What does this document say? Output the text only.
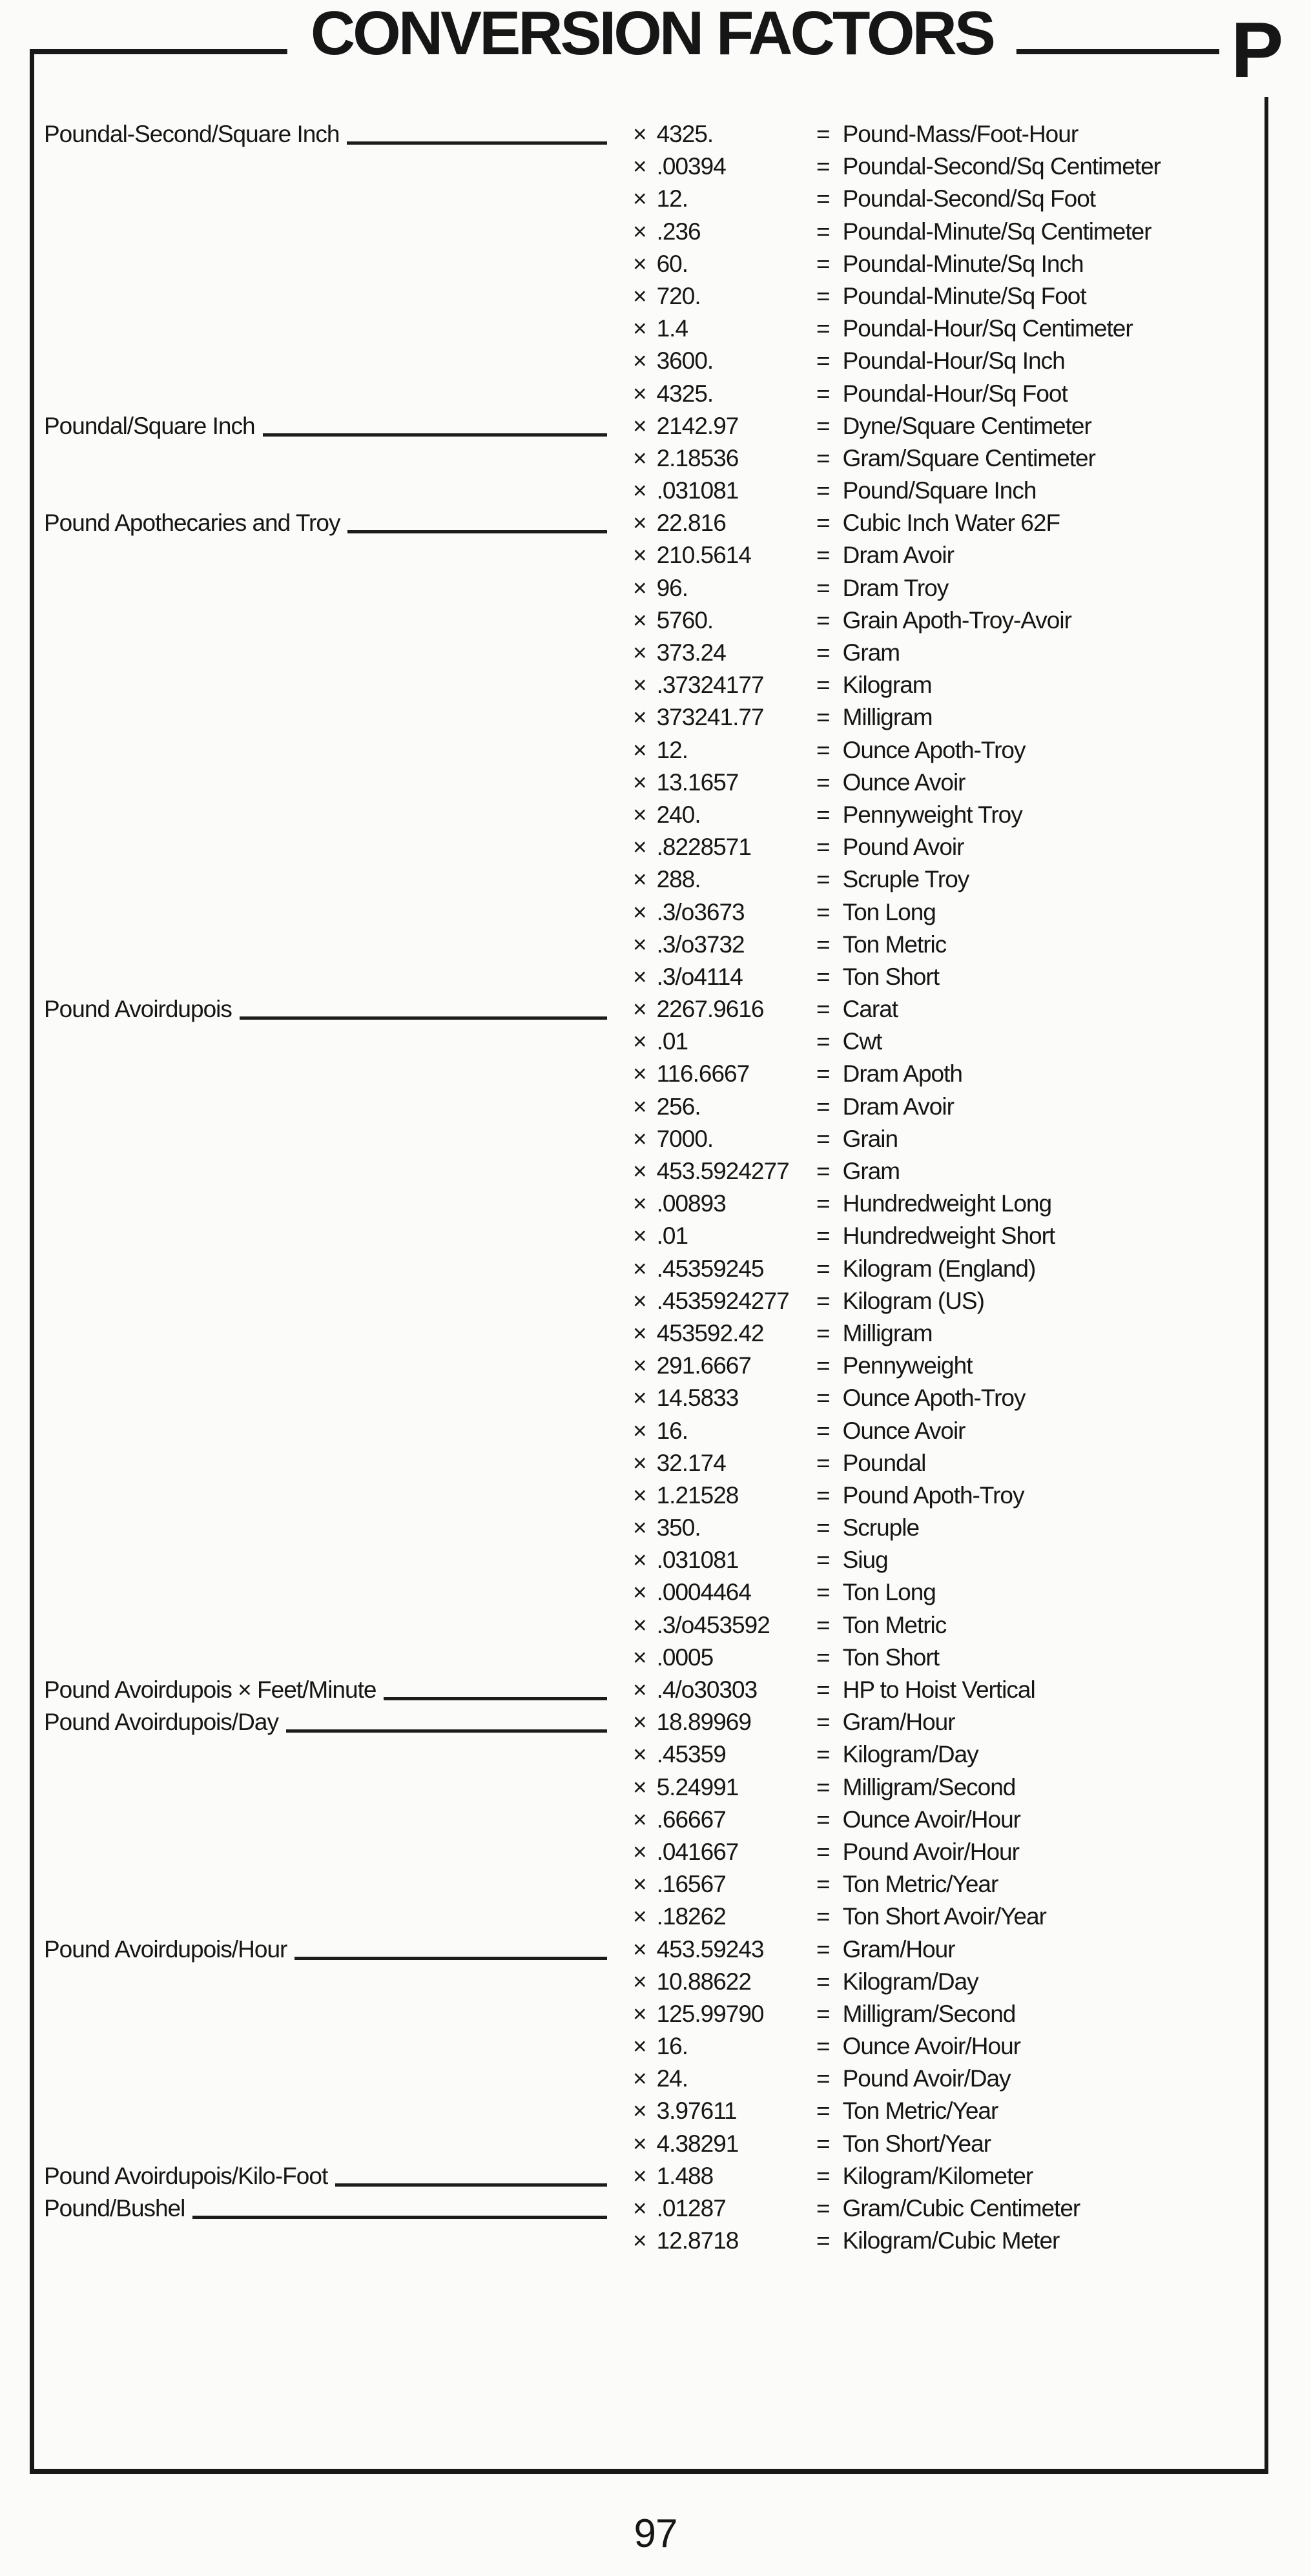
CONVERSION FACTORS	P
Poundal-Second/Square Inch	× 4325.	= Pound-Mass/Foot-Hour
× .00394	= Poundal-Second/Sq Centimeter
× 12.	= Poundal-Second/Sq Foot
× .236	= Poundal-Minute/Sq Centimeter
× 60.	= Poundal-Minute/Sq Inch
× 720.	= Poundal-Minute/Sq Foot
× 1.4	= Poundal-Hour/Sq Centimeter
× 3600.	= Poundal-Hour/Sq Inch
× 4325.	= Poundal-Hour/Sq Foot
Poundal/Square Inch	× 2142.97	= Dyne/Square Centimeter
× 2.18536	= Gram/Square Centimeter
× .031081	= Pound/Square Inch
Pound Apothecaries and Troy	× 22.816	= Cubic Inch Water 62F
× 210.5614	= Dram Avoir
× 96.	= Dram Troy
× 5760.	= Grain Apoth-Troy-Avoir
× 373.24	= Gram
× .37324177 = Kilogram
× 373241.77 = Milligram
× 12.	= Ounce Apoth-Troy
× 13.1657	= Ounce Avoir
× 240.	= Pennyweight Troy
× .8228571	= Pound Avoir
× 288.	= Scruple Troy
× .3/o3673	= Ton Long
× .3/o3732	= Ton Metric
× .3/o4114	= Ton Short
Pound Avoirdupois	× 2267.9616 = Carat
× .01	= Cwt
× 116.6667	= Dram Apoth
× 256.	= Dram Avoir
× 7000.	= Grain
× 453.5924277 = Gram
× .00893	= Hundredweight Long
× .01	= Hundredweight Short
× .45359245 = Kilogram (England)
× .4535924277 = Kilogram (US)
× 453592.42 = Milligram
× 291.6667	= Pennyweight
× 14.5833	= Ounce Apoth-Troy
× 16.	= Ounce Avoir
× 32.174	= Poundal
× 1.21528	= Pound Apoth-Troy
× 350.	= Scruple
× .031081	= Siug
× .0004464	= Ton Long
× .3/o453592 = Ton Metric
× .0005	= Ton Short
Pound Avoirdupois × Feet/Minute	× .4/o30303 = HP to Hoist Vertical
Pound Avoirdupois/Day	× 18.89969	= Gram/Hour
× .45359	= Kilogram/Day
× 5.24991	= Milligram/Second
× .66667	= Ounce Avoir/Hour
× .041667	= Pound Avoir/Hour
× .16567	= Ton Metric/Year
× .18262	= Ton Short Avoir/Year
Pound Avoirdupois/Hour	× 453.59243 = Gram/Hour
× 10.88622	= Kilogram/Day
× 125.99790 = Milligram/Second
× 16.	= Ounce Avoir/Hour
× 24.	= Pound Avoir/Day
× 3.97611	= Ton Metric/Year
× 4.38291	= Ton Short/Year
Pound Avoirdupois/Kilo-Foot	× 1.488	= Kilogram/Kilometer
Pound/Bushel	× .01287	= Gram/Cubic Centimeter
× 12.8718	= Kilogram/Cubic Meter
97
